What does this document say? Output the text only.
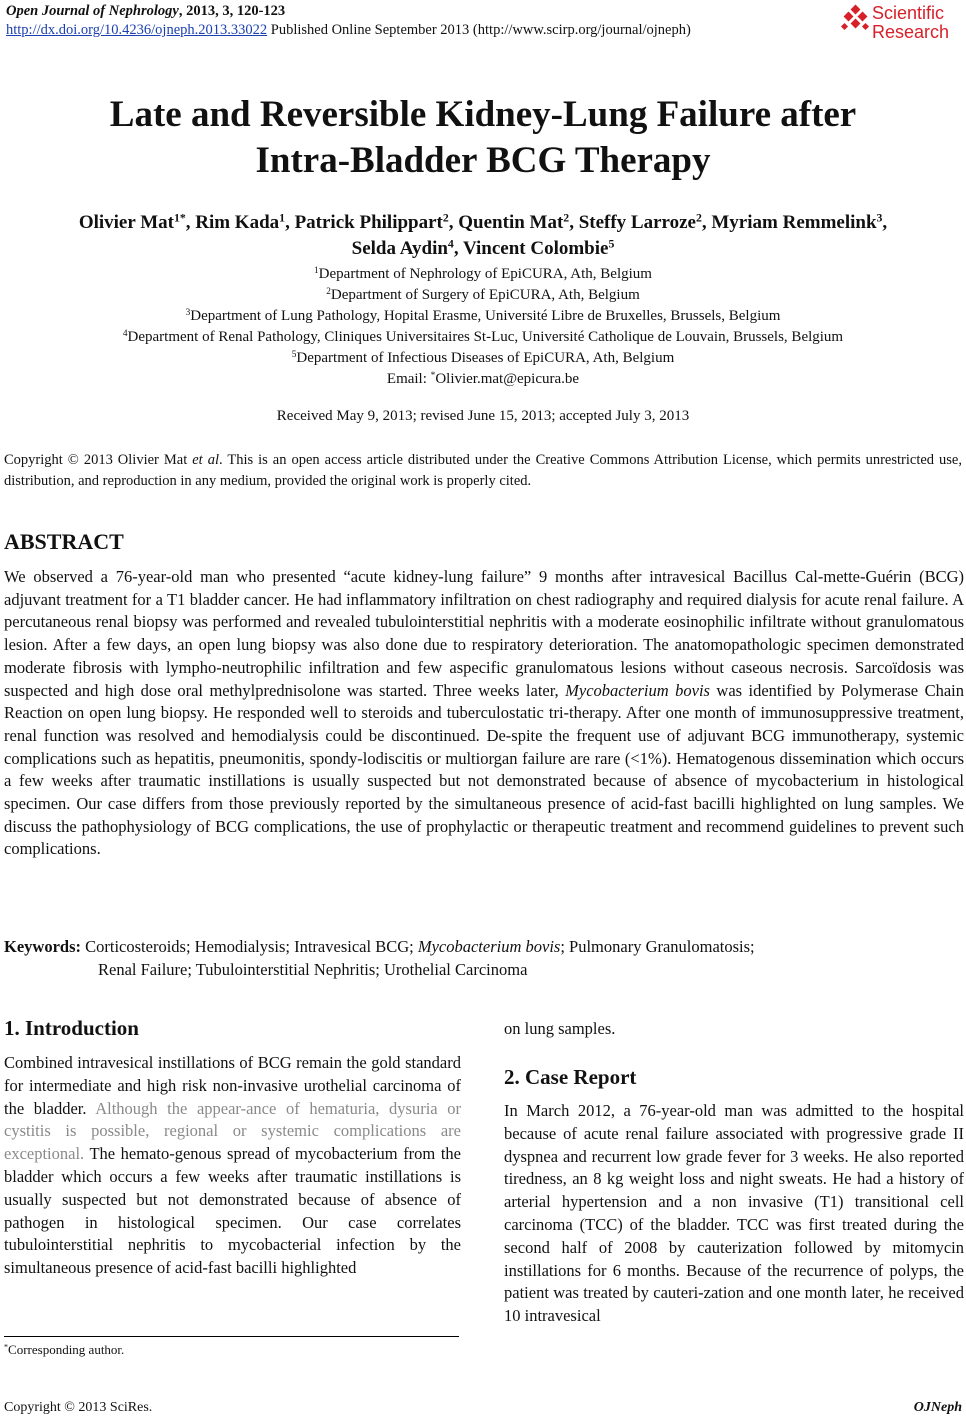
Open Journal of Nephrology, 2013, 3, 120-123
http://dx.doi.org/10.4236/ojneph.2013.33022 Published Online September 2013 (http://www.scirp.org/journal/ojneph)
Scientific
Research
Late and Reversible Kidney-Lung Failure after
Intra-Bladder BCG Therapy
Olivier Mat$^{1*}$, Rim Kada$^1$, Patrick Philippart$^2$, Quentin Mat$^2$, Steffy Larroze$^2$, Myriam Remmelink$^3$,
Selda Aydin$^4$, Vincent Colombie$^5$
$^1$Department of Nephrology of EpiCURA, Ath, Belgium
$^2$Department of Surgery of EpiCURA, Ath, Belgium
$^3$Department of Lung Pathology, Hopital Erasme, Université Libre de Bruxelles, Brussels, Belgium
$^4$Department of Renal Pathology, Cliniques Universitaires St-Luc, Université Catholique de Louvain, Brussels, Belgium
$^5$Department of Infectious Diseases of EpiCURA, Ath, Belgium
Email: *Olivier.mat@epicura.be
Received May 9, 2013; revised June 15, 2013; accepted July 3, 2013
Copyright © 2013 Olivier Mat et al. This is an open access article distributed under the Creative Commons Attribution License, which permits unrestricted use, distribution, and reproduction in any medium, provided the original work is properly cited.
ABSTRACT
We observed a 76-year-old man who presented “acute kidney-lung failure” 9 months after intravesical Bacillus Cal-mette-Guérin (BCG) adjuvant treatment for a T1 bladder cancer. He had inflammatory infiltration on chest radiography and required dialysis for acute renal failure. A percutaneous renal biopsy was performed and revealed tubulointerstitial nephritis with a moderate eosinophilic infiltrate without granulomatous lesion. After a few days, an open lung biopsy was also done due to respiratory deterioration. The anatomopathologic specimen demonstrated moderate fibrosis with lympho-neutrophilic infiltration and few aspecific granulomatous lesions without caseous necrosis. Sarcoïdosis was suspected and high dose oral methylprednisolone was started. Three weeks later, Mycobacterium bovis was identified by Polymerase Chain Reaction on open lung biopsy. He responded well to steroids and tuberculostatic tri-therapy. After one month of immunosuppressive treatment, renal function was resolved and hemodialysis could be discontinued. De-spite the frequent use of adjuvant BCG immunotherapy, systemic complications such as hepatitis, pneumonitis, spondy-lodiscitis or multiorgan failure are rare (<1%). Hematogenous dissemination which occurs a few weeks after traumatic instillations is usually suspected but not demonstrated because of absence of mycobacterium in histological specimen. Our case differs from those previously reported by the simultaneous presence of acid-fast bacilli highlighted on lung samples. We discuss the pathophysiology of BCG complications, the use of prophylactic or therapeutic treatment and recommend guidelines to prevent such complications.
Keywords: Corticosteroids; Hemodialysis; Intravesical BCG; Mycobacterium bovis; Pulmonary Granulomatosis;
Renal Failure; Tubulointerstitial Nephritis; Urothelial Carcinoma
1. Introduction
Combined intravesical instillations of BCG remain the gold standard for intermediate and high risk non-invasive urothelial carcinoma of the bladder. Although the appear-ance of hematuria, dysuria or cystitis is possible, regional or systemic complications are exceptional. The hemato-genous spread of mycobacterium from the bladder which occurs a few weeks after traumatic instillations is usually suspected but not demonstrated because of absence of pathogen in histological specimen. Our case correlates tubulointerstitial nephritis to mycobacterial infection by the simultaneous presence of acid-fast bacilli highlighted
on lung samples.
2. Case Report
In March 2012, a 76-year-old man was admitted to the hospital because of acute renal failure associated with progressive grade II dyspnea and recurrent low grade fever for 3 weeks. He also reported tiredness, an 8 kg weight loss and night sweats. He had a history of arterial hypertension and a non invasive (T1) transitional cell carcinoma (TCC) of the bladder. TCC was first treated during the second half of 2008 by cauterization followed by mitomycin instillations for 6 months. Because of the recurrence of polyps, the patient was treated by cauteri-zation and one month later, he received 10 intravesical
*Corresponding author.
Copyright © 2013 SciRes.	OJNeph
